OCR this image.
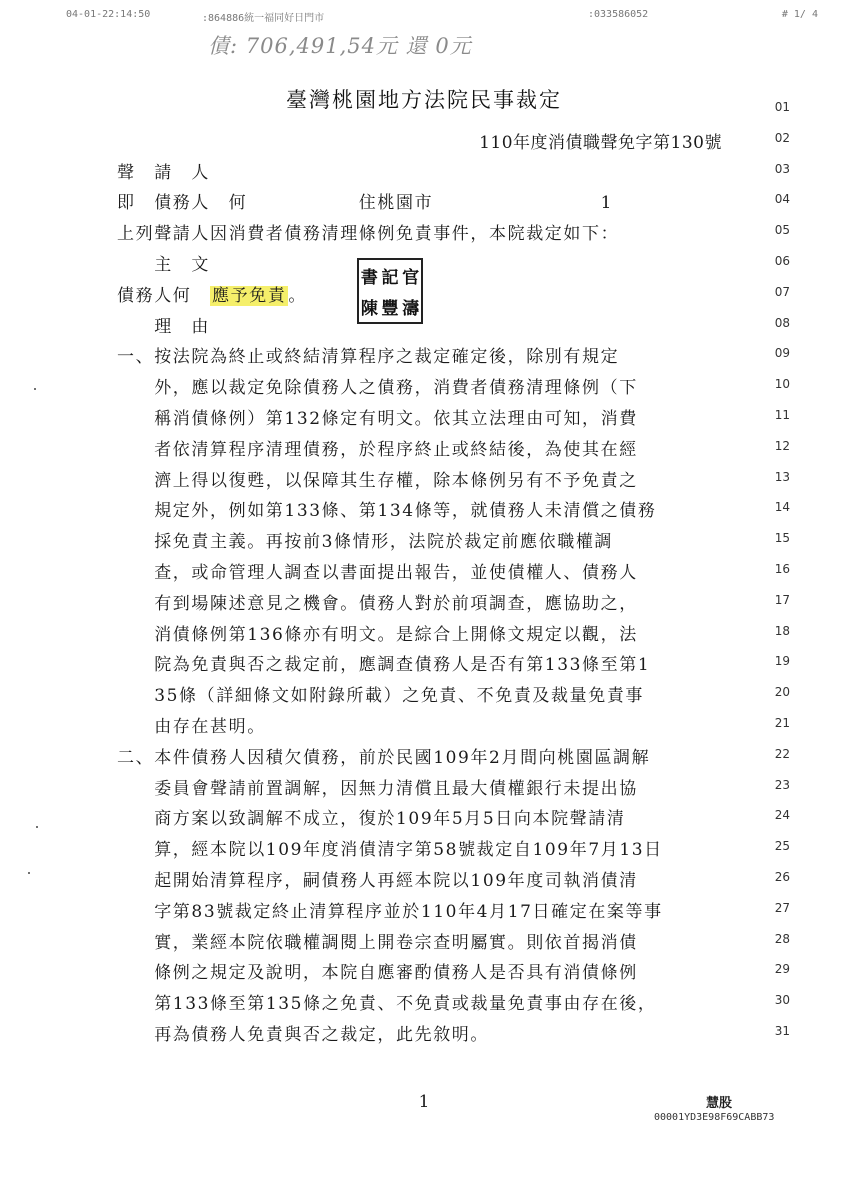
04-01-22:14:50	:864886統一福同好日門市	:033586052	# 1/ 4
債: 706,491,54元 還 0元
臺灣桃園地方法院民事裁定
110年度消債職聲免字第130號
01
02
03
聲　請　人
04
即　債務人　何　　　　　	　住桃園市　　　　　　　　　	1
05
上列聲請人因消費者債務清理條例免責事件，本院裁定如下：
06
　　主　文
07
債務人何　 應予免責 。
08
　　理　由
09
一、按法院為終止或終結清算程序之裁定確定後，除別有規定
10
　　外，應以裁定免除債務人之債務，消費者債務清理條例（下
11
　　稱消債條例）第132條定有明文。依其立法理由可知，消費
12
　　者依清算程序清理債務，於程序終止或終結後，為使其在經
13
　　濟上得以復甦，以保障其生存權，除本條例另有不予免責之
14
　　規定外，例如第133條、第134條等，就債務人未清償之債務
15
　　採免責主義。再按前3條情形，法院於裁定前應依職權調
16
　　查，或命管理人調查以書面提出報告，並使債權人、債務人
17
　　有到場陳述意見之機會。債務人對於前項調查，應協助之，
18
　　消債條例第136條亦有明文。是綜合上開條文規定以觀，法
19
　　院為免責與否之裁定前，應調查債務人是否有第133條至第1
20
　　35條（詳細條文如附錄所載）之免責、不免責及裁量免責事
21
　　由存在甚明。
22
二、本件債務人因積欠債務，前於民國109年2月間向桃園區調解
23
　　委員會聲請前置調解，因無力清償且最大債權銀行未提出協
24
　　商方案以致調解不成立，復於109年5月5日向本院聲請清
25
　　算，經本院以109年度消債清字第58號裁定自109年7月13日
26
　　起開始清算程序，嗣債務人再經本院以109年度司執消債清
27
　　字第83號裁定終止清算程序並於110年4月17日確定在案等事
28
　　實，業經本院依職權調閱上開卷宗查明屬實。則依首揭消債
29
　　條例之規定及說明，本院自應審酌債務人是否具有消債條例
30
　　第133條至第135條之免責、不免責或裁量免責事由存在後，
31
　　再為債務人免責與否之裁定，此先敘明。
書 記 官
陳 豐 濤
1	慧股
00001YD3E98F69CABB73
